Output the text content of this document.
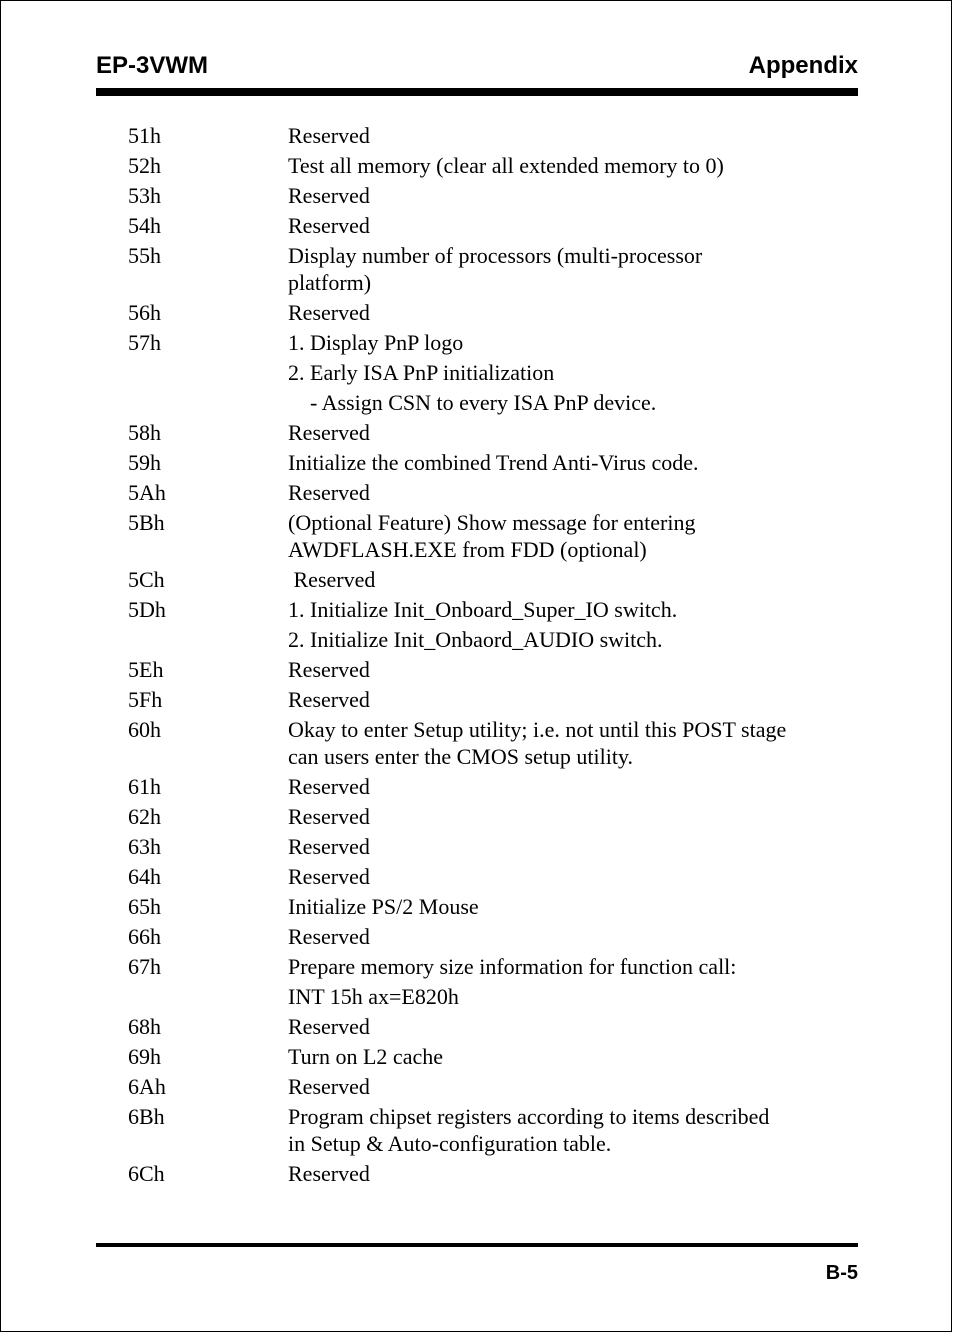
EP-3VWM	Appendix
51h	Reserved
52h	Test all memory (clear all extended memory to 0)
53h	Reserved
54h	Reserved
55h	Display number of processors (multi-processor
platform)
56h	Reserved
57h	1. Display PnP logo
2. Early ISA PnP initialization
- Assign CSN to every ISA PnP device.
58h	Reserved
59h	Initialize the combined Trend Anti-Virus code.
5Ah	Reserved
5Bh	(Optional Feature) Show message for entering
AWDFLASH.EXE from FDD (optional)
5Ch	Reserved
5Dh	1. Initialize Init_Onboard_Super_IO switch.
2. Initialize Init_Onbaord_AUDIO switch.
5Eh	Reserved
5Fh	Reserved
60h	Okay to enter Setup utility; i.e. not until this POST stage
can users enter the CMOS setup utility.
61h	Reserved
62h	Reserved
63h	Reserved
64h	Reserved
65h	Initialize PS/2 Mouse
66h	Reserved
67h	Prepare memory size information for function call:
INT 15h ax=E820h
68h	Reserved
69h	Turn on L2 cache
6Ah	Reserved
6Bh	Program chipset registers according to items described
in Setup & Auto-configuration table.
6Ch	Reserved
B-5
